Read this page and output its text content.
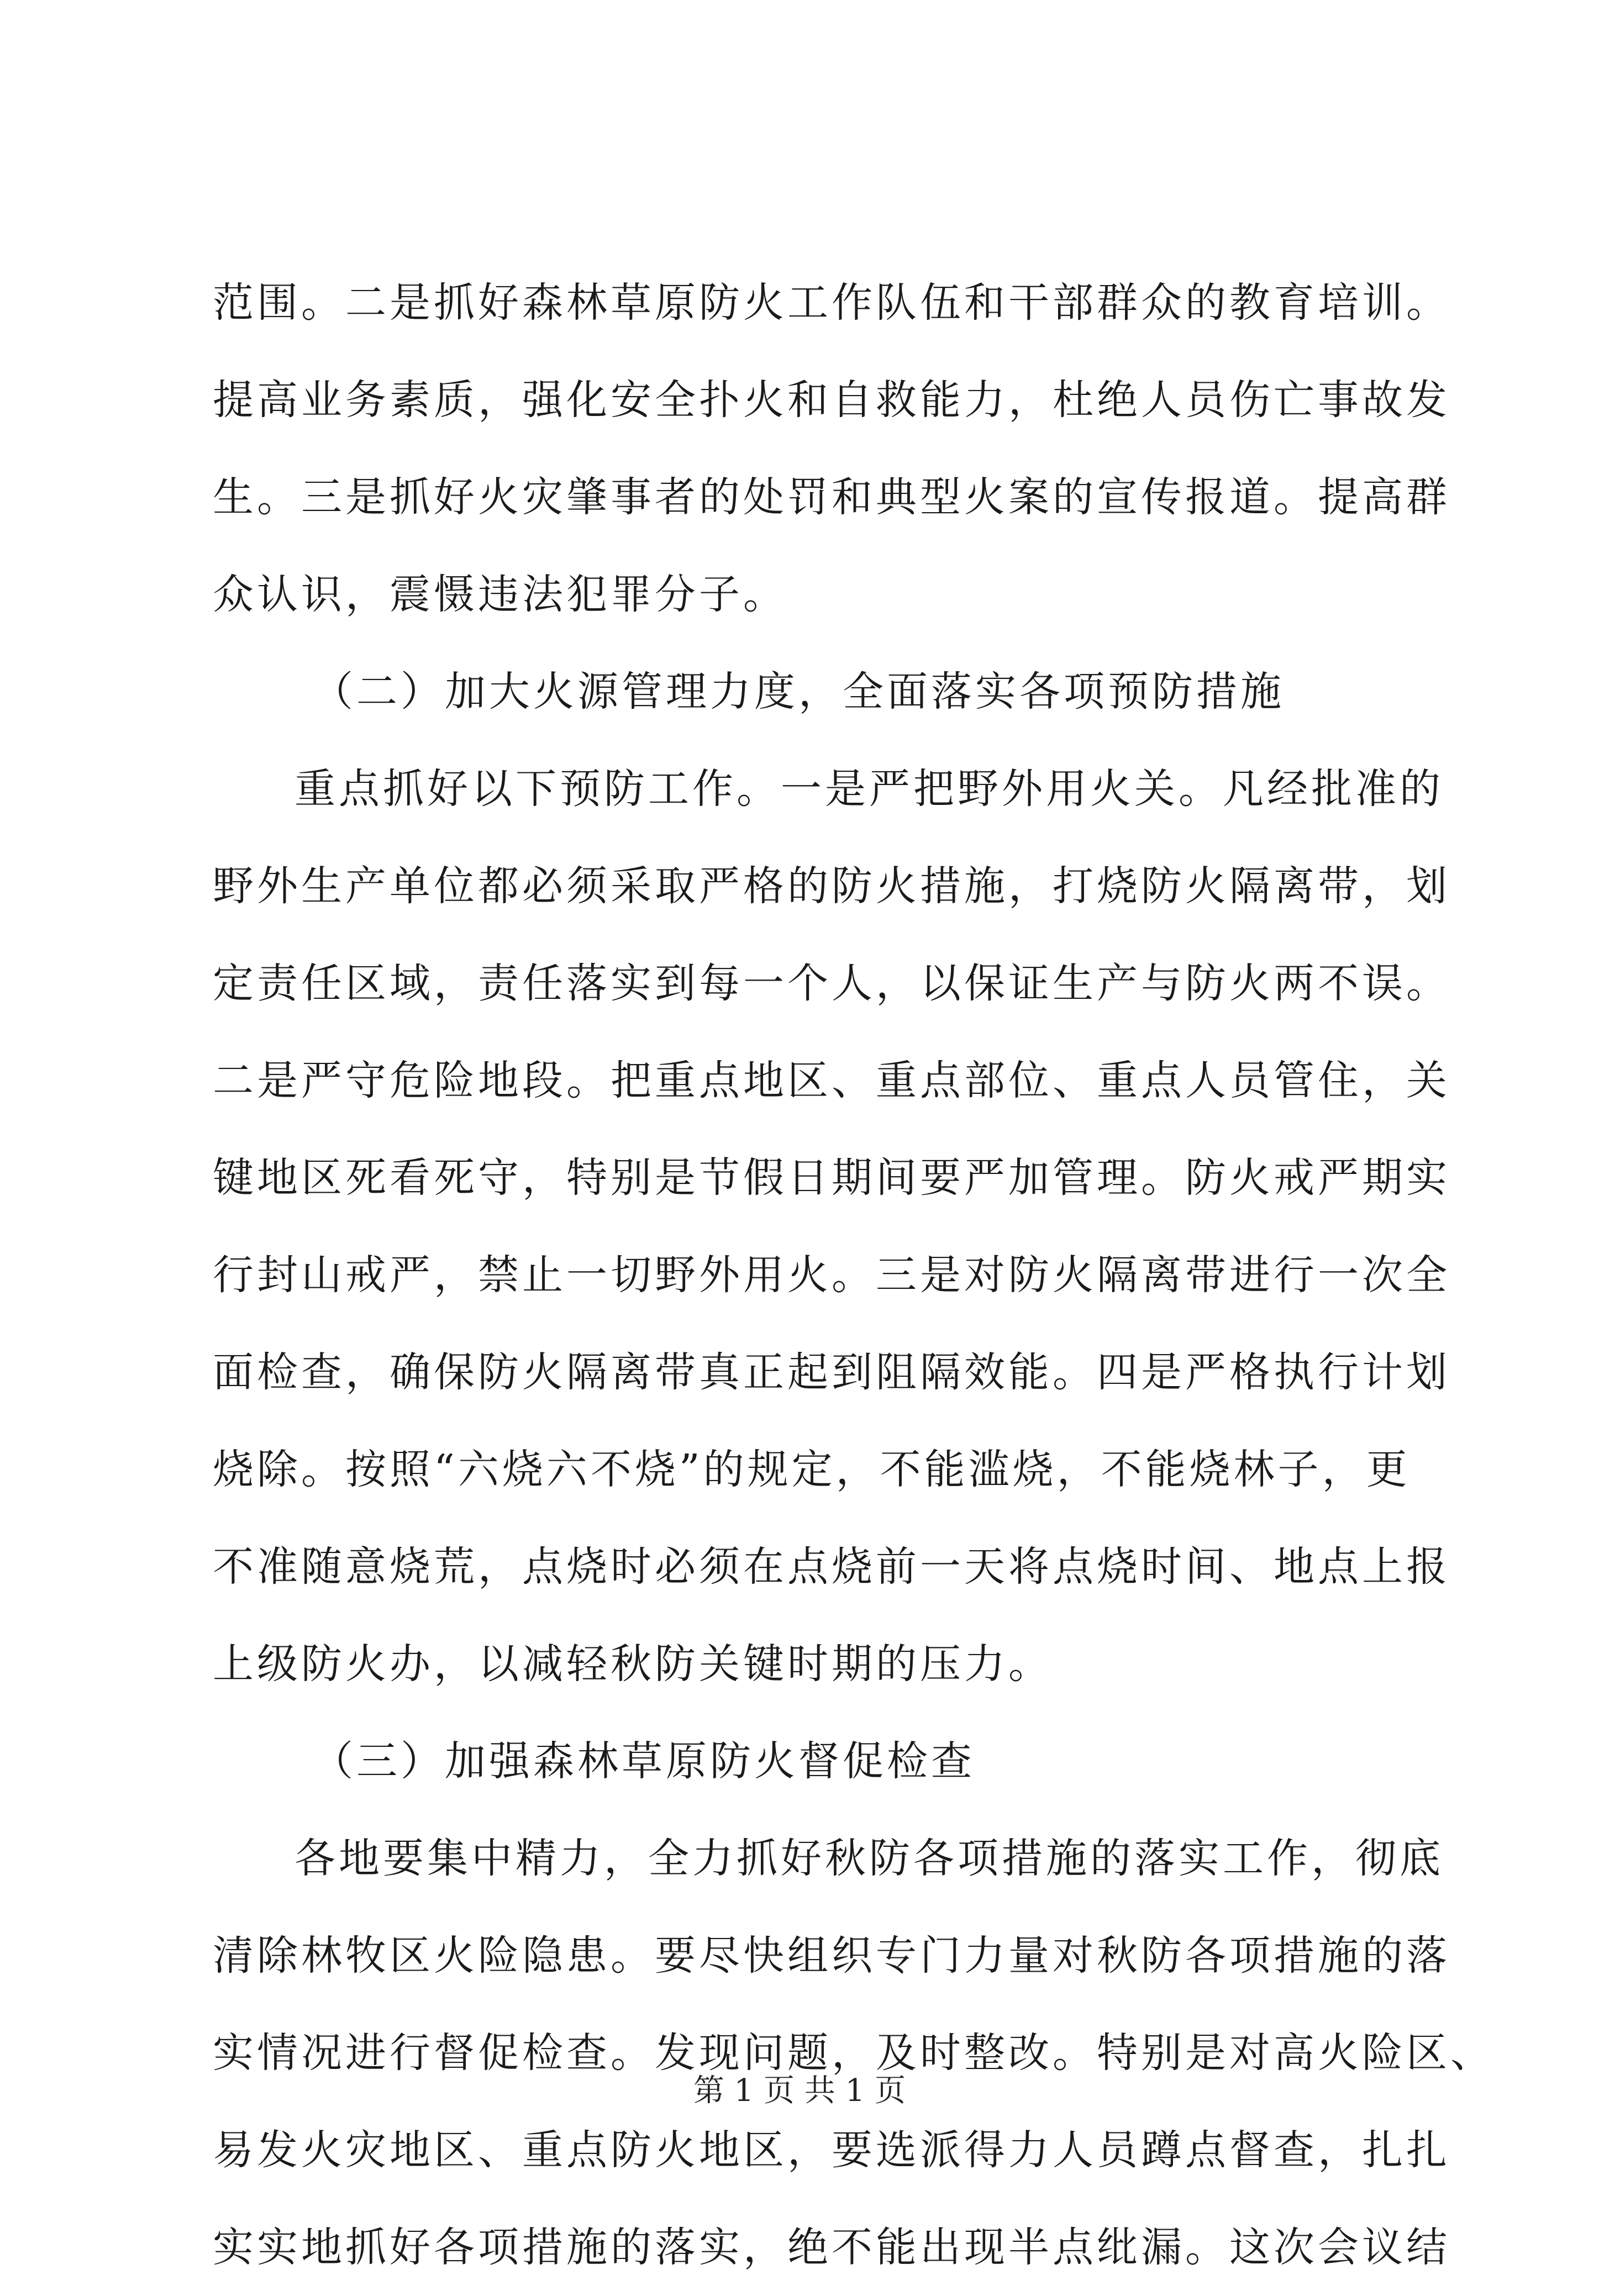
范围。二是抓好森林草原防火工作队伍和干部群众的教育培训。
提高业务素质，强化安全扑火和自救能力，杜绝人员伤亡事故发
生。三是抓好火灾肇事者的处罚和典型火案的宣传报道。提高群
众认识，震慑违法犯罪分子。
（二）加大火源管理力度，全面落实各项预防措施
重点抓好以下预防工作。一是严把野外用火关。凡经批准的
野外生产单位都必须采取严格的防火措施，打烧防火隔离带，划
定责任区域，责任落实到每一个人，以保证生产与防火两不误。
二是严守危险地段。把重点地区、重点部位、重点人员管住，关
键地区死看死守，特别是节假日期间要严加管理。防火戒严期实
行封山戒严，禁止一切野外用火。三是对防火隔离带进行一次全
面检查，确保防火隔离带真正起到阻隔效能。四是严格执行计划
烧除。按照“六烧六不烧”的规定，不能滥烧，不能烧林子，更
不准随意烧荒，点烧时必须在点烧前一天将点烧时间、地点上报
上级防火办，以减轻秋防关键时期的压力。
（三）加强森林草原防火督促检查
各地要集中精力，全力抓好秋防各项措施的落实工作，彻底
清除林牧区火险隐患。要尽快组织专门力量对秋防各项措施的落
实情况进行督促检查。发现问题，及时整改。特别是对高火险区、
易发火灾地区、重点防火地区，要选派得力人员蹲点督查，扎扎
实实地抓好各项措施的落实，绝不能出现半点纰漏。这次会议结
第 1 页 共 1 页
